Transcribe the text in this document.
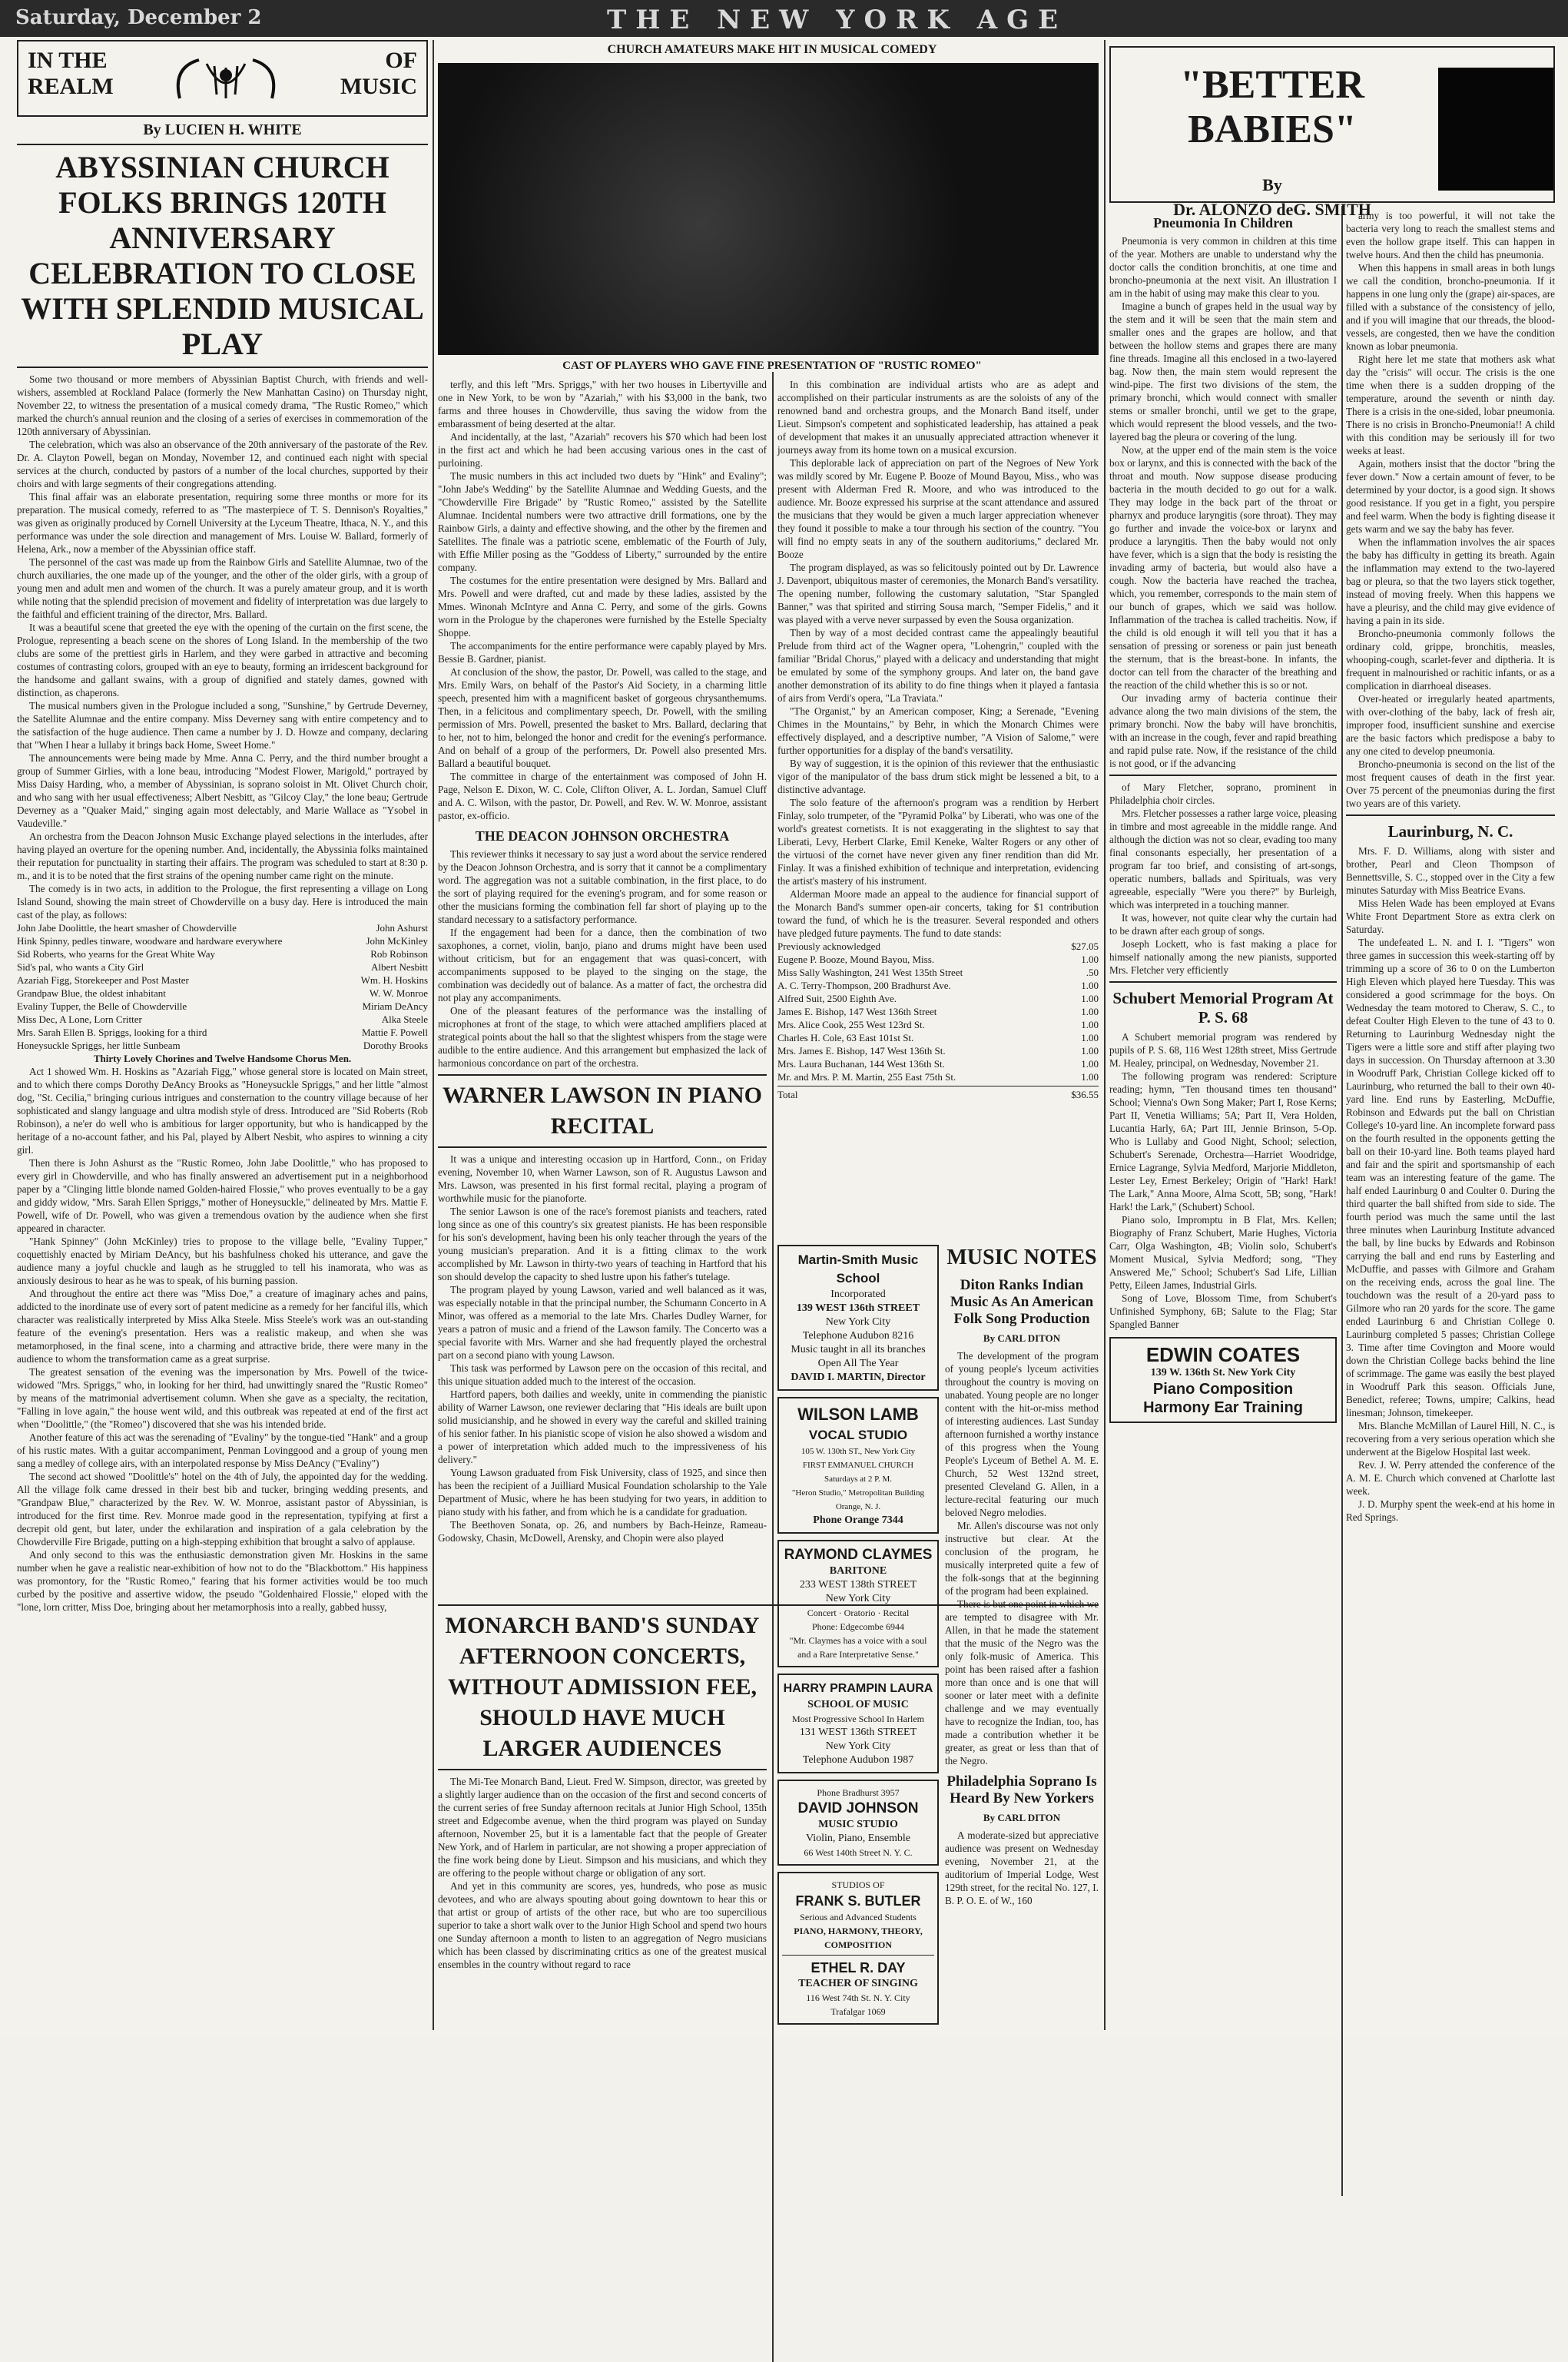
Saturday, December 2	THE NEW YORK AGE
IN THE REALM
OF MUSIC
By LUCIEN H. WHITE
ABYSSINIAN CHURCH FOLKS BRINGS 120TH ANNIVERSARY CELEBRATION TO CLOSE WITH SPLENDID MUSICAL PLAY

Some two thousand or more members of Abyssinian Baptist Church, with friends and well-wishers, assembled at Rockland Palace (formerly the New Manhattan Casino) on Thursday night, November 22, to witness the presentation of a musical comedy drama, "The Rustic Romeo," which marked the church's annual reunion and the closing of a series of exercises in commemoration of the 120th anniversary of Abyssinian.

The celebration, which was also an observance of the 20th anniversary of the pastorate of the Rev. Dr. A. Clayton Powell, began on Monday, November 12, and continued each night with special services at the church, conducted by pastors of a number of the local churches, supported by their choirs and with large segments of their congregations attending.

This final affair was an elaborate presentation, requiring some three months or more for its preparation. The musical comedy, referred to as "The masterpiece of T. S. Dennison's Royalties," was given as originally produced by Cornell University at the Lyceum Theatre, Ithaca, N. Y., and this performance was under the sole direction and management of Mrs. Louise W. Ballard, formerly of Helena, Ark., now a member of the Abyssinian office staff.

The personnel of the cast was made up from the Rainbow Girls and Satellite Alumnae, two of the church auxiliaries, the one made up of the younger, and the other of the older girls, with a group of young men and adult men and women of the church. It was a purely amateur group, and it is worth while noting that the splendid precision of movement and fidelity of interpretation was due largely to the faithful and efficient training of the director, Mrs. Ballard.

It was a beautiful scene that greeted the eye with the opening of the curtain on the first scene, the Prologue, representing a beach scene on the shores of Long Island. In the membership of the two clubs are some of the prettiest girls in Harlem, and they were garbed in attractive and becoming costumes of contrasting colors, grouped with an eye to beauty, forming an irridescent background for the handsome and gallant swains, with a group of dignified and stately dames, gowned with distinction, as chaperons.

The musical numbers given in the Prologue included a song, "Sunshine," by Gertrude Deverney, the Satellite Alumnae and the entire company. Miss Deverney sang with entire competency and to the satisfaction of the huge audience. Then came a number by J. D. Howze and company, declaring that "When I hear a lullaby it brings back Home, Sweet Home."

The announcements were being made by Mme. Anna C. Perry, and the third number brought a group of Summer Girlies, with a lone beau, introducing "Modest Flower, Marigold," portrayed by Miss Daisy Harding, who, a member of Abyssinian, is soprano soloist in Mt. Olivet Church choir, and who sang with her usual effectiveness; Albert Nesbitt, as "Gilcoy Clay," the lone beau; Gertrude Deverney as a "Quaker Maid," singing again most delectably, and Marie Wallace as "Ysobel in Vaudeville."

An orchestra from the Deacon Johnson Music Exchange played selections in the interludes, after having played an overture for the opening number. And, incidentally, the Abyssinia folks maintained their reputation for punctuality in starting their affairs. The program was scheduled to start at 8:30 p. m., and it is to be noted that the first strains of the opening number came right on the minute.

The comedy is in two acts, in addition to the Prologue, the first representing a village on Long Island Sound, showing the main street of Chowderville on a busy day. Here is introduced the main cast of the play, as follows:

John Jabe Doolittle, the heart smasher of Chowderville	John Ashurst
Hink Spinny, pedles tinware, woodware and hardware everywhere	John McKinley
Sid Roberts, who yearns for the Great White Way	Rob Robinson
Sid's pal, who wants a City Girl	Albert Nesbitt
Azariah Figg, Storekeeper and Post Master	Wm. H. Hoskins
Grandpaw Blue, the oldest inhabitant	W. W. Monroe
Evaliny Tupper, the Belle of Chowderville	Miriam DeAncy
Miss Dec, A Lone, Lorn Critter	Alka Steele
Mrs. Sarah Ellen B. Spriggs, looking for a third	Mattie F. Powell
Honeysuckle Spriggs, her little Sunbeam	Dorothy Brooks
Thirty Lovely Chorines and Twelve Handsome Chorus Men.

Act 1 showed Wm. H. Hoskins as "Azariah Figg," whose general store is located on Main street, and to which there comps Dorothy DeAncy Brooks as "Honeysuckle Spriggs," and her little "almost dog, "St. Cecilia," bringing curious intrigues and consternation to the country village because of her sophisticated and slangy language and ultra modish style of dress. Introduced are "Sid Roberts (Rob Robinson), a ne'er do well who is ambitious for larger opportunity, but who is handicapped by the heritage of a no-account father, and his Pal, played by Albert Nesbit, who aspires to winning a city girl.

Then there is John Ashurst as the "Rustic Romeo, John Jabe Doolittle," who has proposed to every girl in Chowderville, and who has finally answered an advertisement put in a neighborhood paper by a "Clinging little blonde named Golden-haired Flossie," who proves eventually to be a gay and giddy widow, "Mrs. Sarah Ellen Spriggs," mother of Honeysuckle," delineated by Mrs. Mattie F. Powell, wife of Dr. Powell, who was given a tremendous ovation by the audience when she first appeared in character.

"Hank Spinney" (John McKinley) tries to propose to the village belle, "Evaliny Tupper," coquettishly enacted by Miriam DeAncy, but his bashfulness choked his utterance, and gave the audience many a joyful chuckle and laugh as he struggled to tell his inamorata, who was as anxiously desirous to hear as he was to speak, of his burning passion.

And throughout the entire act there was "Miss Doe," a creature of imaginary aches and pains, addicted to the inordinate use of every sort of patent medicine as a remedy for her fanciful ills, which character was realistically interpreted by Miss Alka Steele. Miss Steele's work was an out-standing feature of the evening's presentation. Hers was a realistic makeup, and when she was metamorphosed, in the final scene, into a charming and attractive bride, there were many in the audience to whom the transformation came as a great surprise.

The greatest sensation of the evening was the impersonation by Mrs. Powell of the twice-widowed "Mrs. Spriggs," who, in looking for her third, had unwittingly snared the "Rustic Romeo" by means of the matrimonial advertisement column. When she gave as a specialty, the recitation, "Falling in love again," the house went wild, and this outbreak was repeated at end of the first act when "Doolittle," (the "Romeo") discovered that she was his intended bride.

Another feature of this act was the serenading of "Evaliny" by the tongue-tied "Hank" and a group of his rustic mates. With a guitar accompaniment, Penman Lovinggood and a group of young men sang a medley of college airs, with an interpolated response by Miss DeAncy ("Evaliny")

The second act showed "Doolittle's" hotel on the 4th of July, the appointed day for the wedding. All the village folk came dressed in their best bib and tucker, bringing wedding presents, and "Grandpaw Blue," characterized by the Rev. W. W. Monroe, assistant pastor of Abyssinian, is introduced for the first time. Rev. Monroe made good in the representation, typifying at first a decrepit old gent, but later, under the exhilaration and inspiration of a gala celebration by the Chowderville Fire Brigade, putting on a high-stepping exhibition that brought a salvo of applause.

And only second to this was the enthusiastic demonstration given Mr. Hoskins in the same number when he gave a realistic near-exhibition of how not to do the "Blackbottom." His happiness was promontory, for the "Rustic Romeo," fearing that his former activities would be too much curbed by the positive and assertive widow, the pseudo "Goldenhaired Flossie," eloped with the "lone, lorn critter, Miss Doe, bringing about her metamorphosis into a really, gabbed hussy,

CHURCH AMATEURS MAKE HIT IN MUSICAL COMEDY
CAST OF PLAYERS WHO GAVE FINE PRESENTATION OF "RUSTIC ROMEO"

terfly, and this left "Mrs. Spriggs," with her two houses in Libertyville and one in New York, to be won by "Azariah," with his $3,000 in the bank, two farms and three houses in Chowderville, thus saving the widow from the embarassment of being deserted at the altar.

And incidentally, at the last, "Azariah" recovers his $70 which had been lost in the first act and which he had been accusing various ones in the cast of purloining.

The music numbers in this act included two duets by "Hink" and Evaliny"; "John Jabe's Wedding" by the Satellite Alumnae and Wedding Guests, and the "Chowderville Fire Brigade" by "Rustic Romeo," assisted by the Satellite Alumnae. Incidental numbers were two attractive drill formations, one by the Rainbow Girls, a dainty and effective showing, and the other by the firemen and Satellites. The finale was a patriotic scene, emblematic of the Fourth of July, with Effie Miller posing as the "Goddess of Liberty," surrounded by the entire company.

The costumes for the entire presentation were designed by Mrs. Ballard and Mrs. Powell and were drafted, cut and made by these ladies, assisted by the Mmes. Winonah McIntyre and Anna C. Perry, and some of the girls. Gowns worn in the Prologue by the chaperones were furnished by the Estelle Specialty Shoppe.

The accompaniments for the entire performance were capably played by Mrs. Bessie B. Gardner, pianist.

At conclusion of the show, the pastor, Dr. Powell, was called to the stage, and Mrs. Emily Wars, on behalf of the Pastor's Aid Society, in a charming little speech, presented him with a magnificent basket of gorgeous chrysanthemums. Then, in a felicitous and complimentary speech, Dr. Powell, with the smiling permission of Mrs. Powell, presented the basket to Mrs. Ballard, declaring that to her, not to him, belonged the honor and credit for the evening's performance. And on behalf of a group of the performers, Dr. Powell also presented Mrs. Ballard a beautiful bouquet.

The committee in charge of the entertainment was composed of John H. Page, Nelson E. Dixon, W. C. Cole, Clifton Oliver, A. L. Jordan, Samuel Cluff and A. C. Wilson, with the pastor, Dr. Powell, and Rev. W. W. Monroe, assistant pastor, ex-officio.

THE DEACON JOHNSON ORCHESTRA

This reviewer thinks it necessary to say just a word about the service rendered by the Deacon Johnson Orchestra, and is sorry that it cannot be a complimentary word. The aggregation was not a suitable combination, in the first place, to do the sort of playing required for the evening's program, and for some reason or other the musicians forming the combination fell far short of playing up to the standard necessary to a satisfactory performance.

If the engagement had been for a dance, then the combination of two saxophones, a cornet, violin, banjo, piano and drums might have been used without criticism, but for an engagement that was quasi-concert, with accompaniments supposed to be played to the singing on the stage, the combination was decidedly out of balance. As a matter of fact, the orchestra did not play any accompaniments.

One of the pleasant features of the performance was the installing of microphones at front of the stage, to which were attached amplifiers placed at strategical points about the hall so that the slightest whispers from the stage were audible to the entire audience. And this arrangement but emphasized the lack of harmonious concordance on part of the orchestra.

WARNER LAWSON IN PIANO RECITAL

It was a unique and interesting occasion up in Hartford, Conn., on Friday evening, November 10, when Warner Lawson, son of R. Augustus Lawson and Mrs. Lawson, was presented in his first formal recital, playing a program of worthwhile music for the pianoforte.

The senior Lawson is one of the race's foremost pianists and teachers, rated long since as one of this country's six greatest pianists. He has been responsible for his son's development, having been his only teacher through the years of the young musician's preparation. And it is a fitting climax to the work accomplished by Mr. Lawson in thirty-two years of teaching in Hartford that his son should develop the capacity to shed lustre upon his father's tutelage.

The program played by young Lawson, varied and well balanced as it was, was especially notable in that the principal number, the Schumann Concerto in A Minor, was offered as a memorial to the late Mrs. Charles Dudley Warner, for years a patron of music and a friend of the Lawson family. The Concerto was a special favorite with Mrs. Warner and she had frequently played the orchestral part on a second piano with young Lawson.

This task was performed by Lawson pere on the occasion of this recital, and this unique situation added much to the interest of the occasion.

Hartford papers, both dailies and weekly, unite in commending the pianistic ability of Warner Lawson, one reviewer declaring that "His ideals are built upon solid musicianship, and he showed in every way the careful and skilled training of his senior father. In his pianistic scope of vision he also showed a wisdom and a power of interpretation which added much to the impressiveness of his delivery."

Young Lawson graduated from Fisk University, class of 1925, and since then has been the recipient of a Juilliard Musical Foundation scholarship to the Yale Department of Music, where he has been studying for two years, in addition to piano study with his father, and from which he is a candidate for graduation.

The Beethoven Sonata, op. 26, and numbers by Bach-Heinze, Rameau-Godowsky, Chasin, McDowell, Arensky, and Chopin were also played

MONARCH BAND'S SUNDAY AFTERNOON CONCERTS, WITHOUT ADMISSION FEE, SHOULD HAVE MUCH LARGER AUDIENCES

The Mi-Tee Monarch Band, Lieut. Fred W. Simpson, director, was greeted by a slightly larger audience than on the occasion of the first and second concerts of the current series of free Sunday afternoon recitals at Junior High School, 135th street and Edgecombe avenue, when the third program was played on Sunday afternoon, November 25, but it is a lamentable fact that the people of Greater New York, and of Harlem in particular, are not showing a proper appreciation of the fine work being done by Lieut. Simpson and his musicians, and which they are offering to the people without charge or obligation of any sort.

And yet in this community are scores, yes, hundreds, who pose as music devotees, and who are always spouting about going downtown to hear this or that artist or group of artists of the other race, but who are too supercilious superior to take a short walk over to the Junior High School and spend two hours one Sunday afternoon a month to listen to an aggregation of Negro musicians which has been classed by discriminating critics as one of the greatest musical ensembles in the country without regard to race

In this combination are individual artists who are as adept and accomplished on their particular instruments as are the soloists of any of the renowned band and orchestra groups, and the Monarch Band itself, under Lieut. Simpson's competent and sophisticated leadership, has attained a peak of development that makes it an unusually appreciated attraction whenever it journeys away from its home town on a musical excursion.

This deplorable lack of appreciation on part of the Negroes of New York was mildly scored by Mr. Eugene P. Booze of Mound Bayou, Miss., who was present with Alderman Fred R. Moore, and who was introduced to the audience. Mr. Booze expressed his surprise at the scant attendance and assured the musicians that they would be given a much larger appreciation whenever they found it possible to make a tour through his section of the country. "You will find no empty seats in any of the southern auditoriums," declared Mr. Booze

The program displayed, as was so felicitously pointed out by Dr. Lawrence J. Davenport, ubiquitous master of ceremonies, the Monarch Band's versatility. The opening number, following the customary salutation, "Star Spangled Banner," was that spirited and stirring Sousa march, "Semper Fidelis," and it was played with a verve never surpassed by even the Sousa organization.

Then by way of a most decided contrast came the appealingly beautiful Prelude from third act of the Wagner opera, "Lohengrin," coupled with the familiar "Bridal Chorus," played with a delicacy and understanding that might be emulated by some of the symphony groups. And later on, the band gave another demonstration of its ability to do fine things when it played a fantasia of airs from Verdi's opera, "La Traviata."

"The Organist," by an American composer, King; a Serenade, "Evening Chimes in the Mountains," by Behr, in which the Monarch Chimes were effectively displayed, and a descriptive number, "A Vision of Salome," were further opportunities for a display of the band's versatility.

By way of suggestion, it is the opinion of this reviewer that the enthusiastic vigor of the manipulator of the bass drum stick might be lessened a bit, to a distinctive advantage.

The solo feature of the afternoon's program was a rendition by Herbert Finlay, solo trumpeter, of the "Pyramid Polka" by Liberati, who was one of the world's greatest cornetists. It is not exaggerating in the slightest to say that Liberati, Levy, Herbert Clarke, Emil Keneke, Walter Rogers or any other of the virtuosi of the cornet have never given any finer rendition than did Mr. Finlay. It was a finished exhibition of technique and interpretation, evidencing the artist's mastery of his instrument.

Alderman Moore made an appeal to the audience for financial support of the Monarch Band's summer open-air concerts, taking for $1 contribution toward the fund, of which he is the treasurer. Several responded and others have pledged future payments. The fund to date stands:

Previously acknowledged	$27.05
Eugene P. Booze, Mound Bayou, Miss.	1.00
Miss Sally Washington, 241 West 135th Street	.50
A. C. Terry-Thompson, 200 Bradhurst Ave.	1.00
Alfred Suit, 2500 Eighth Ave.	1.00
James E. Bishop, 147 West 136th Street	1.00
Mrs. Alice Cook, 255 West 123rd St.	1.00
Charles H. Cole, 63 East 101st St.	1.00
Mrs. James E. Bishop, 147 West 136th St.	1.00
Mrs. Laura Buchanan, 144 West 136th St.	1.00
Mr. and Mrs. P. M. Martin, 255 East 75th St.	1.00
Total	$36.55
Martin-Smith Music School
Incorporated
139 WEST 136th STREET
New York City
Telephone Audubon 8216
Music taught in all its branches
Open All The Year
DAVID I. MARTIN, Director
WILSON LAMB
VOCAL STUDIO
105 W. 130th ST., New York City
FIRST EMMANUEL CHURCH
Saturdays at 2 P. M.
"Heron Studio," Metropolitan Building
Orange, N. J.
Phone Orange 7344
RAYMOND CLAYMES
BARITONE
233 WEST 138th STREET
New York City
Concert · Oratorio · Recital
Phone: Edgecombe 6944
"Mr. Claymes has a voice with a soul and a Rare Interpretative Sense."
HARRY PRAMPIN LAURA
SCHOOL OF MUSIC
Most Progressive School In Harlem
131 WEST 136th STREET
New York City
Telephone Audubon 1987
Phone Bradhurst 3957
DAVID JOHNSON
MUSIC STUDIO
Violin, Piano, Ensemble
66 West 140th Street N. Y. C.
STUDIOS OF
FRANK S. BUTLER
Serious and Advanced Students
PIANO, HARMONY, THEORY, COMPOSITION
ETHEL R. DAY
TEACHER OF SINGING
116 West 74th St. N. Y. City
Trafalgar 1069
MUSIC NOTES
Diton Ranks Indian Music As An American Folk Song Production
By CARL DITON

The development of the program of young people's lyceum activities throughout the country is moving on unabated. Young people are no longer content with the hit-or-miss method of interesting audiences. Last Sunday afternoon furnished a worthy instance of this progress when the Young People's Lyceum of Bethel A. M. E. Church, 52 West 132nd street, presented Cleveland G. Allen, in a lecture-recital featuring our much beloved Negro melodies.

Mr. Allen's discourse was not only instructive but clear. At the conclusion of the program, he musically interpreted quite a few of the folk-songs that at the beginning of the program had been explained.

There is but one point in which we are tempted to disagree with Mr. Allen, in that he made the statement that the music of the Negro was the only folk-music of America. This point has been raised after a fashion more than once and is one that will sooner or later meet with a definite challenge and we may eventually have to recognize the Indian, too, has made a contribution whether it be greater, as great or less than that of the Negro.

Philadelphia Soprano Is Heard By New Yorkers
By CARL DITON

A moderate-sized but appreciative audience was present on Wednesday evening, November 21, at the auditorium of Imperial Lodge, West 129th street, for the recital No. 127, I. B. P. O. E. of W., 160

"BETTER BABIES"
By
Dr. ALONZO deG. SMITH
Pneumonia In Children

Pneumonia is very common in children at this time of the year. Mothers are unable to understand why the doctor calls the condition bronchitis, at one time and broncho-pneumonia at the next visit. An illustration I am in the habit of using may make this clear to you.

Imagine a bunch of grapes held in the usual way by the stem and it will be seen that the main stem and smaller ones and the grapes are hollow, and that between the hollow stems and grapes there are many fine threads. Imagine all this enclosed in a two-layered bag. Now then, the main stem would represent the wind-pipe. The first two divisions of the stem, the primary bronchi, which would connect with smaller stems or smaller bronchi, until we get to the grape, which would represent the blood vessels, and the two-layered bag the pleura or covering of the lung.

Now, at the upper end of the main stem is the voice box or larynx, and this is connected with the back of the throat and mouth. Now suppose disease producing bacteria in the mouth decided to go out for a walk. They may lodge in the back part of the throat or pharnyx and produce laryngitis (sore throat). They may go further and invade the voice-box or larynx and produce a laryngitis. Then the baby would not only have fever, which is a sign that the body is resisting the invading army of bacteria, but would also have a cough. Now the bacteria have reached the trachea, which, you remember, corresponds to the main stem of our bunch of grapes, which we said was hollow. Inflammation of the trachea is called tracheitis. Now, if the child is old enough it will tell you that it has a sensation of pressing or soreness or pain just beneath the sternum, that is the breast-bone. In infants, the doctor can tell from the character of the breathing and the reaction of the child whether this is so or not.

Our invading army of bacteria continue their advance along the two main divisions of the stem, the primary bronchi. Now the baby will have bronchitis, with an increase in the cough, fever and rapid breathing and rapid pulse rate. Now, if the resistance of the child is not good, or if the advancing

of Mary Fletcher, soprano, prominent in Philadelphia choir circles.

Mrs. Fletcher possesses a rather large voice, pleasing in timbre and most agreeable in the middle range. And although the diction was not so clear, evading too many final consonants especially, her presentation of a program far too brief, and consisting of art-songs, operatic numbers, ballads and Spirituals, was very agreeable, especially "Were you there?" by Burleigh, which was interpreted in a touching manner.

It was, however, not quite clear why the curtain had to be drawn after each group of songs.

Joseph Lockett, who is fast making a place for himself nationally among the new pianists, supported Mrs. Fletcher very efficiently

Schubert Memorial Program At P. S. 68

A Schubert memorial program was rendered by pupils of P. S. 68, 116 West 128th street, Miss Gertrude M. Healey, principal, on Wednesday, November 21.

The following program was rendered: Scripture reading; hymn, "Ten thousand times ten thousand" School; Vienna's Own Song Maker; Part I, Rose Kerns; Part II, Venetia Williams; 5A; Part II, Vera Holden, Lucantia Harly, 6A; Part III, Jennie Brinson, 5-Op. Who is Lullaby and Good Night, School; selection, Schubert's Serenade, Orchestra—Harriet Woodridge, Ernice Lagrange, Sylvia Medford, Marjorie Middleton, Lester Ley, Ernest Berkeley; Origin of "Hark! Hark! The Lark," Anna Moore, Alma Scott, 5B; song, "Hark! Hark! the Lark," (Schubert) School.

Piano solo, Impromptu in B Flat, Mrs. Kellen; Biography of Franz Schubert, Marie Hughes, Victoria Carr, Olga Washington, 4B; Violin solo, Schubert's Moment Musical, Sylvia Medford; song, "They Answered Me," School; Schubert's Sad Life, Lillian Petty, Eileen James, Industrial Girls.

Song of Love, Blossom Time, from Schubert's Unfinished Symphony, 6B; Salute to the Flag; Star Spangled Banner

EDWIN COATES
139 W. 136th St. New York City
Piano Composition
Harmony Ear Training

army is too powerful, it will not take the bacteria very long to reach the smallest stems and even the hollow grape itself. This can happen in twelve hours. And then the child has pneumonia.

When this happens in small areas in both lungs we call the condition, broncho-pneumonia. If it happens in one lung only the (grape) air-spaces, are filled with a substance of the consistency of jello, and if you will imagine that our threads, the blood-vessels, are congested, then we have the condition known as lobar pneumonia.

Right here let me state that mothers ask what day the "crisis" will occur. The crisis is the one time when there is a sudden dropping of the temperature, around the seventh or ninth day. There is a crisis in the one-sided, lobar pneumonia. There is no crisis in Broncho-Pneumonia!! A child with this condition may be seriously ill for two weeks at least.

Again, mothers insist that the doctor "bring the fever down." Now a certain amount of fever, to be determined by your doctor, is a good sign. It shows good resistance. If you get in a fight, you perspire and feel warm. When the body is fighting disease it gets warm and we say the baby has fever.

When the inflammation involves the air spaces the baby has difficulty in getting its breath. Again the inflammation may extend to the two-layered bag or pleura, so that the two layers stick together, instead of moving freely. When this happens we have a pleurisy, and the child may give evidence of having a pain in its side.

Broncho-pneumonia commonly follows the ordinary cold, grippe, bronchitis, measles, whooping-cough, scarlet-fever and diptheria. It is frequent in malnourished or rachitic infants, or as a complication in diarrhoeal diseases.

Over-heated or irregularly heated apartments, with over-clothing of the baby, lack of fresh air, improper food, insufficient sunshine and exercise are the basic factors which predispose a baby to any one cited to develop pneumonia.

Broncho-pneumonia is second on the list of the most frequent causes of death in the first year. Over 75 percent of the pneumonias during the first two years are of this variety.

Laurinburg, N. C.

Mrs. F. D. Williams, along with sister and brother, Pearl and Cleon Thompson of Bennettsville, S. C., stopped over in the City a few minutes Saturday with Miss Beatrice Evans.

Miss Helen Wade has been employed at Evans White Front Department Store as extra clerk on Saturday.

The undefeated L. N. and I. I. "Tigers" won three games in succession this week-starting off by trimming up a score of 36 to 0 on the Lumberton High Eleven which played here Tuesday. This was considered a good scrimmage for the boys. On Wednesday the team motored to Cheraw, S. C., to defeat Coulter High Eleven to the tune of 43 to 0. Returning to Laurinburg Wednesday night the Tigers were a little sore and stiff after playing two days in succession. On Thursday afternoon at 3.30 in Woodruff Park, Christian College kicked off to Laurinburg, who returned the ball to their own 40-yard line. End runs by Easterling, McDuffie, Robinson and Edwards put the ball on Christian College's 10-yard line. An incomplete forward pass on the fourth resulted in the opponents getting the ball on their 10-yard line. Both teams played hard and fair and the spirit and sportsmanship of each team was an interesting feature of the game. The half ended Laurinburg 0 and Coulter 0. During the third quarter the ball shifted from side to side. The fourth period was much the same until the last three minutes when Laurinburg Institute advanced the ball, by line bucks by Edwards and Robinson carrying the ball and end runs by Easterling and McDuffie, and passes with Gilmore and Graham on the receiving ends, across the goal line. The touchdown was the result of a 20-yard pass to Gilmore who ran 20 yards for the score. The game ended Laurinburg 6 and Christian College 0. Laurinburg completed 5 passes; Christian College 3. Time after time Covington and Moore would down the Christian College backs behind the line of scrimmage. The game was easily the best played in Woodruff Park this season. Officials June, Benedict, referee; Towns, umpire; Calkins, head linesman; Johnson, timekeeper.

Mrs. Blanche McMillan of Laurel Hill, N. C., is recovering from a very serious operation which she underwent at the Bigelow Hospital last week.

Rev. J. W. Perry attended the conference of the A. M. E. Church which convened at Charlotte last week.

J. D. Murphy spent the week-end at his home in Red Springs.
